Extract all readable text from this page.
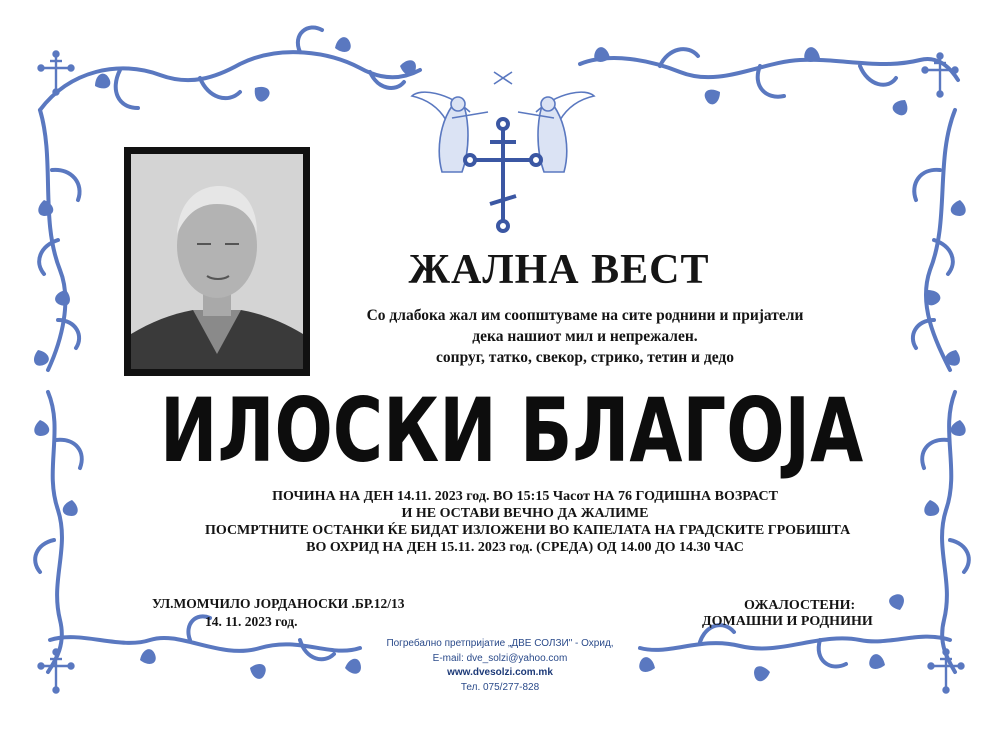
ЖАЛНА ВЕСТ
Со длабока жал им соопштуваме на сите роднини и пријатели
дека нашиот мил и непрежален.
сопруг, татко, свекор, стрико, тетин и дедо
ИЛОСКИ БЛАГОЈА
ПОЧИНА НА ДЕН 14.11. 2023 год. ВО 15:15 Часот НА 76 ГОДИШНА ВОЗРАСТ
И НЕ ОСТАВИ ВЕЧНО ДА ЖАЛИМЕ
ПОСМРТНИТЕ ОСТАНКИ ЌЕ БИДАТ ИЗЛОЖЕНИ ВО КАПЕЛАТА НА ГРАДСКИТЕ ГРОБИШТА
ВО ОХРИД НА ДЕН 15.11. 2023 год. (СРЕДА) ОД 14.00 ДО 14.30 ЧАС
УЛ.МОМЧИЛО ЈОРДАНОСКИ .БР.12/13
14. 11. 2023 год.
ОЖАЛОСТЕНИ:
ДОМАШНИ И РОДНИНИ
Погребално претпријатие „ДВЕ СОЛЗИ" - Охрид,
E-mail: dve_solzi@yahoo.com
www.dvesolzi.com.mk
Тел. 075/277-828
